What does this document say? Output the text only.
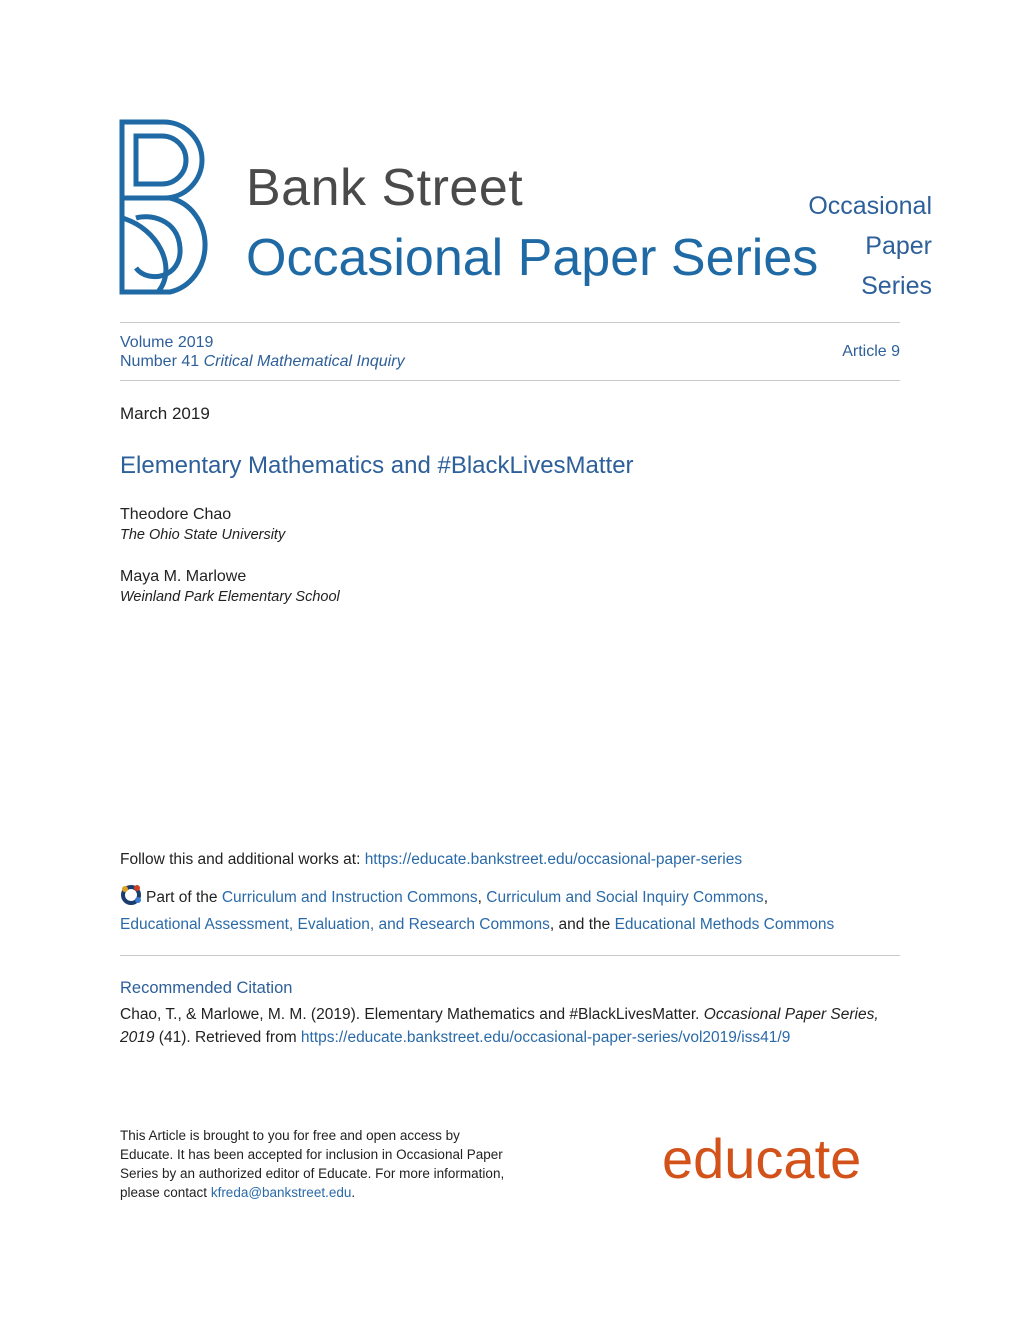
Bank Street
Occasional Paper Series
Occasional
Paper
Series
Volume 2019
Number 41 Critical Mathematical Inquiry
Article 9
March 2019
Elementary Mathematics and #BlackLivesMatter
Theodore Chao
The Ohio State University
Maya M. Marlowe
Weinland Park Elementary School
Follow this and additional works at: https://educate.bankstreet.edu/occasional-paper-series
Part of the Curriculum and Instruction Commons, Curriculum and Social Inquiry Commons,
Educational Assessment, Evaluation, and Research Commons, and the Educational Methods Commons
Recommended Citation
Chao, T., & Marlowe, M. M. (2019). Elementary Mathematics and #BlackLivesMatter. Occasional Paper Series, 2019 (41). Retrieved from https://educate.bankstreet.edu/occasional-paper-series/vol2019/iss41/9
This Article is brought to you for free and open access by Educate. It has been accepted for inclusion in Occasional Paper Series by an authorized editor of Educate. For more information, please contact kfreda@bankstreet.edu.
educate
